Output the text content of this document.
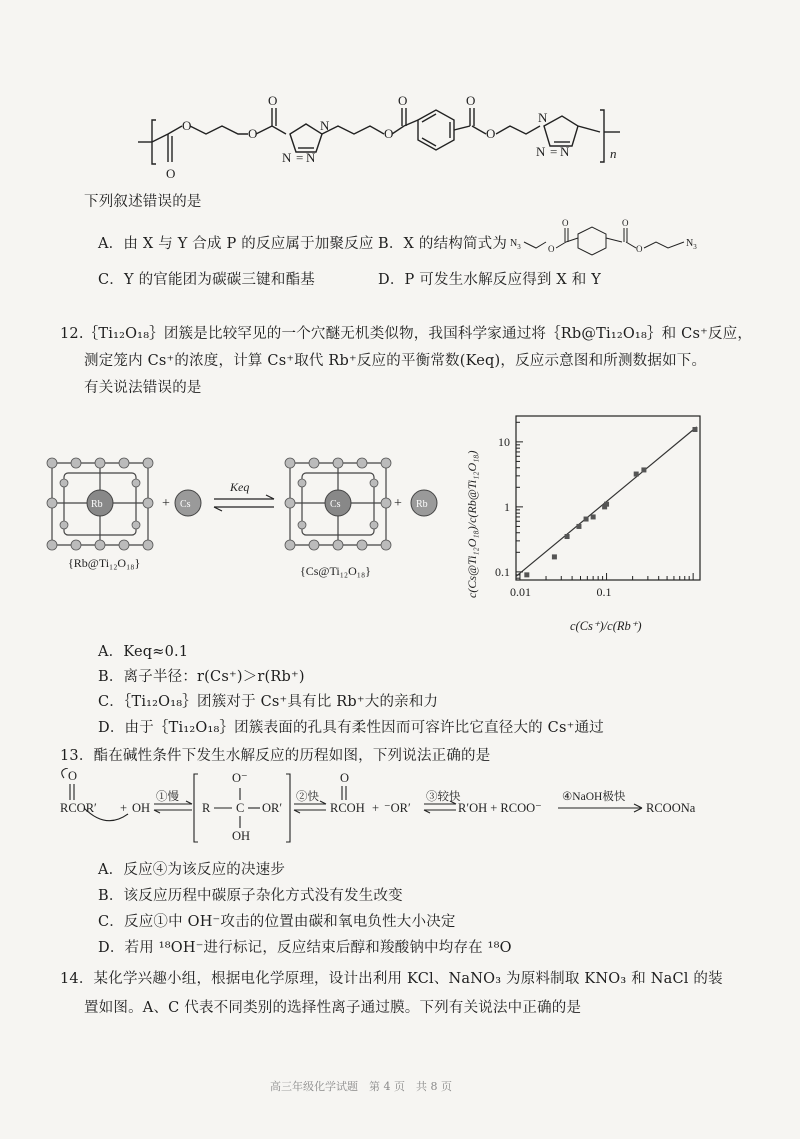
O
O
O
O
O
O	O
O
N
N = N
N
N = N	n
下列叙述错误的是
A．由 X 与 Y 合成 P 的反应属于加聚反应 B．X 的结构简式为 $N_3$	$N_3$
O
O	O
O
C．Y 的官能团为碳碳三键和酯基	D．P 可发生水解反应得到 X 和 Y
12.｛Ti₁₂O₁₈｝团簇是比较罕见的一个穴醚无机类似物，我国科学家通过将｛Rb@Ti₁₂O₁₈｝和 Cs⁺反应，
测定笼内 Cs⁺的浓度，计算 Cs⁺取代 Rb⁺反应的平衡常数(Keq)，反应示意图和所测数据如下。
有关说法错误的是
Rb
{Rb@Ti₁₂O₁₈}
+ Cs
Keq
Cs
{Cs@Ti₁₂O₁₈}
+ Rb
0.01	0.1
0.1
1
10
c(Cs⁺)/c(Rb⁺)
c(Cs@Ti₁₂O₁₈)/c(Rb@Ti₁₂O₁₈)
A．Keq≈0.1
B．离子半径：r(Cs⁺)＞r(Rb⁺)
C．｛Ti₁₂O₁₈｝团簇对于 Cs⁺具有比 Rb⁺大的亲和力
D．由于｛Ti₁₂O₁₈｝团簇表面的孔具有柔性因而可容许比它直径大的 Cs⁺通过
13．酯在碱性条件下发生水解反应的历程如图，下列说法正确的是
O
RCOR′ + OH
①慢
R C OR′
O⁻
OH
②快
O
RCOH + ⁻OR′
③较快
R′OH + RCOO⁻
④NaOH极快
RCOONa
A．反应④为该反应的决速步
B．该反应历程中碳原子杂化方式没有发生改变
C．反应①中 OH⁻攻击的位置由碳和氧电负性大小决定
D．若用 ¹⁸OH⁻进行标记，反应结束后醇和羧酸钠中均存在 ¹⁸O
14．某化学兴趣小组，根据电化学原理，设计出利用 KCl、NaNO₃ 为原料制取 KNO₃ 和 NaCl 的装
置如图。A、C 代表不同类别的选择性离子通过膜。下列有关说法中正确的是
高三年级化学试题　第 4 页　共 8 页
